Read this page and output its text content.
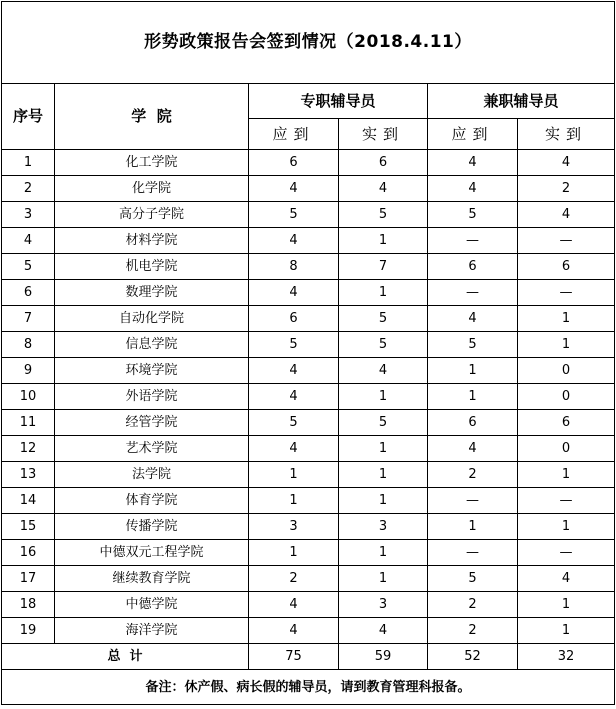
形势政策报告会签到情况（2018.4.11）					
序号	学  院	专职辅导员		兼职辅导员	
		应到	实到	应到	实到
1	化工学院	6	6	4	4
2	化学院	4	4	4	2
3	高分子学院	5	5	5	4
4	材料学院	4	1	—	—
5	机电学院	8	7	6	6
6	数理学院	4	1	—	—
7	自动化学院	6	5	4	1
8	信息学院	5	5	5	1
9	环境学院	4	4	1	0
10	外语学院	4	1	1	0
11	经管学院	5	5	6	6
12	艺术学院	4	1	4	0
13	法学院	1	1	2	1
14	体育学院	1	1	—	—
15	传播学院	3	3	1	1
16	中德双元工程学院	1	1	—	—
17	继续教育学院	2	1	5	4
18	中德学院	4	3	2	1
19	海洋学院	4	4	2	1
总  计		75	59	52	32
备注：休产假、病长假的辅导员，请到教育管理科报备。					
